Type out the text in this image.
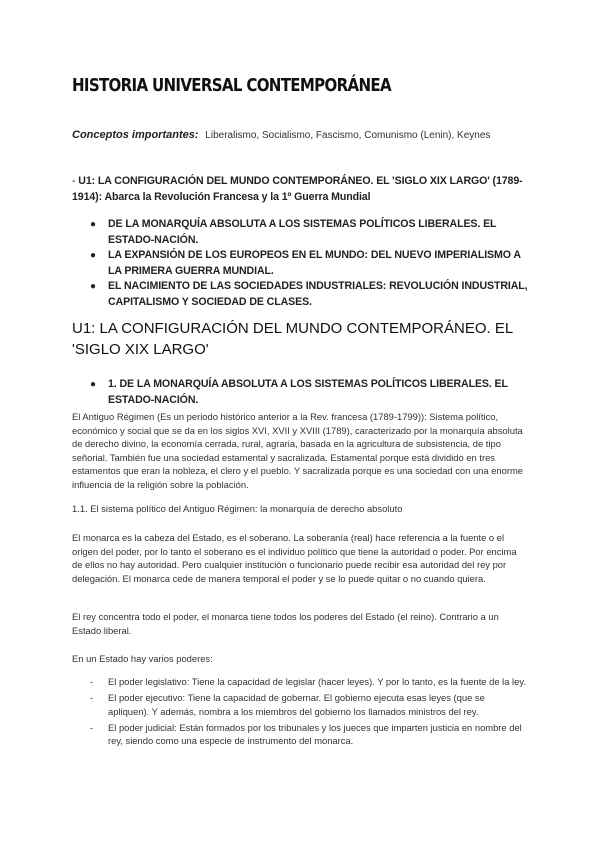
HISTORIA UNIVERSAL CONTEMPORÁNEA
Conceptos importantes: Liberalismo, Socialismo, Fascismo, Comunismo (Lenin), Keynes
- U1: LA CONFIGURACIÓN DEL MUNDO CONTEMPORÁNEO. EL 'SIGLO XIX LARGO' (1789-1914): Abarca la Revolución Francesa y la 1º Guerra Mundial
● DE LA MONARQUÍA ABSOLUTA A LOS SISTEMAS POLÍTICOS LIBERALES. EL ESTADO-NACIÓN.
● LA EXPANSIÓN DE LOS EUROPEOS EN EL MUNDO: DEL NUEVO IMPERIALISMO A LA PRIMERA GUERRA MUNDIAL.
● EL NACIMIENTO DE LAS SOCIEDADES INDUSTRIALES: REVOLUCIÓN INDUSTRIAL, CAPITALISMO Y SOCIEDAD DE CLASES.
U1: LA CONFIGURACIÓN DEL MUNDO CONTEMPORÁNEO. EL 'SIGLO XIX LARGO'
● 1. DE LA MONARQUÍA ABSOLUTA A LOS SISTEMAS POLÍTICOS LIBERALES. EL ESTADO-NACIÓN.

El Antiguo Régimen (Es un periodo histórico anterior a la Rev. francesa (1789-1799)): Sistema político, económico y social que se da en los siglos XVI, XVII y XVIII (1789), caracterizado por la monarquía absoluta de derecho divino, la economía cerrada, rural, agraria, basada en la agricultura de subsistencia, de tipo señorial. También fue una sociedad estamental y sacralizada. Estamental porque está dividido en tres estamentos que eran la nobleza, el clero y el pueblo. Y sacralizada porque es una sociedad con una enorme influencia de la religión sobre la población.

1.1. El sistema político del Antiguo Régimen: la monarquía de derecho absoluto

El monarca es la cabeza del Estado, es el soberano. La soberanía (real) hace referencia a la fuente o el origen del poder, por lo tanto el soberano es el individuo político que tiene la autoridad o poder. Por encima de ellos no hay autoridad. Pero cualquier institución o funcionario puede recibir esa autoridad del rey por delegación. El monarca cede de manera temporal el poder y se lo puede quitar o no cuando quiera.

El rey concentra todo el poder, el monarca tiene todos los poderes del Estado (el reino). Contrario a un Estado liberal.

En un Estado hay varios poderes:

- El poder legislativo: Tiene la capacidad de legislar (hacer leyes). Y por lo tanto, es la fuente de la ley.
- El poder ejecutivo: Tiene la capacidad de gobernar. El gobierno ejecuta esas leyes (que se apliquen). Y además, nombra a los miembros del gobierno los llamados ministros del rey.
- El poder judicial: Están formados por los tribunales y los jueces que imparten justicia en nombre del rey, siendo como una especie de instrumento del monarca.
